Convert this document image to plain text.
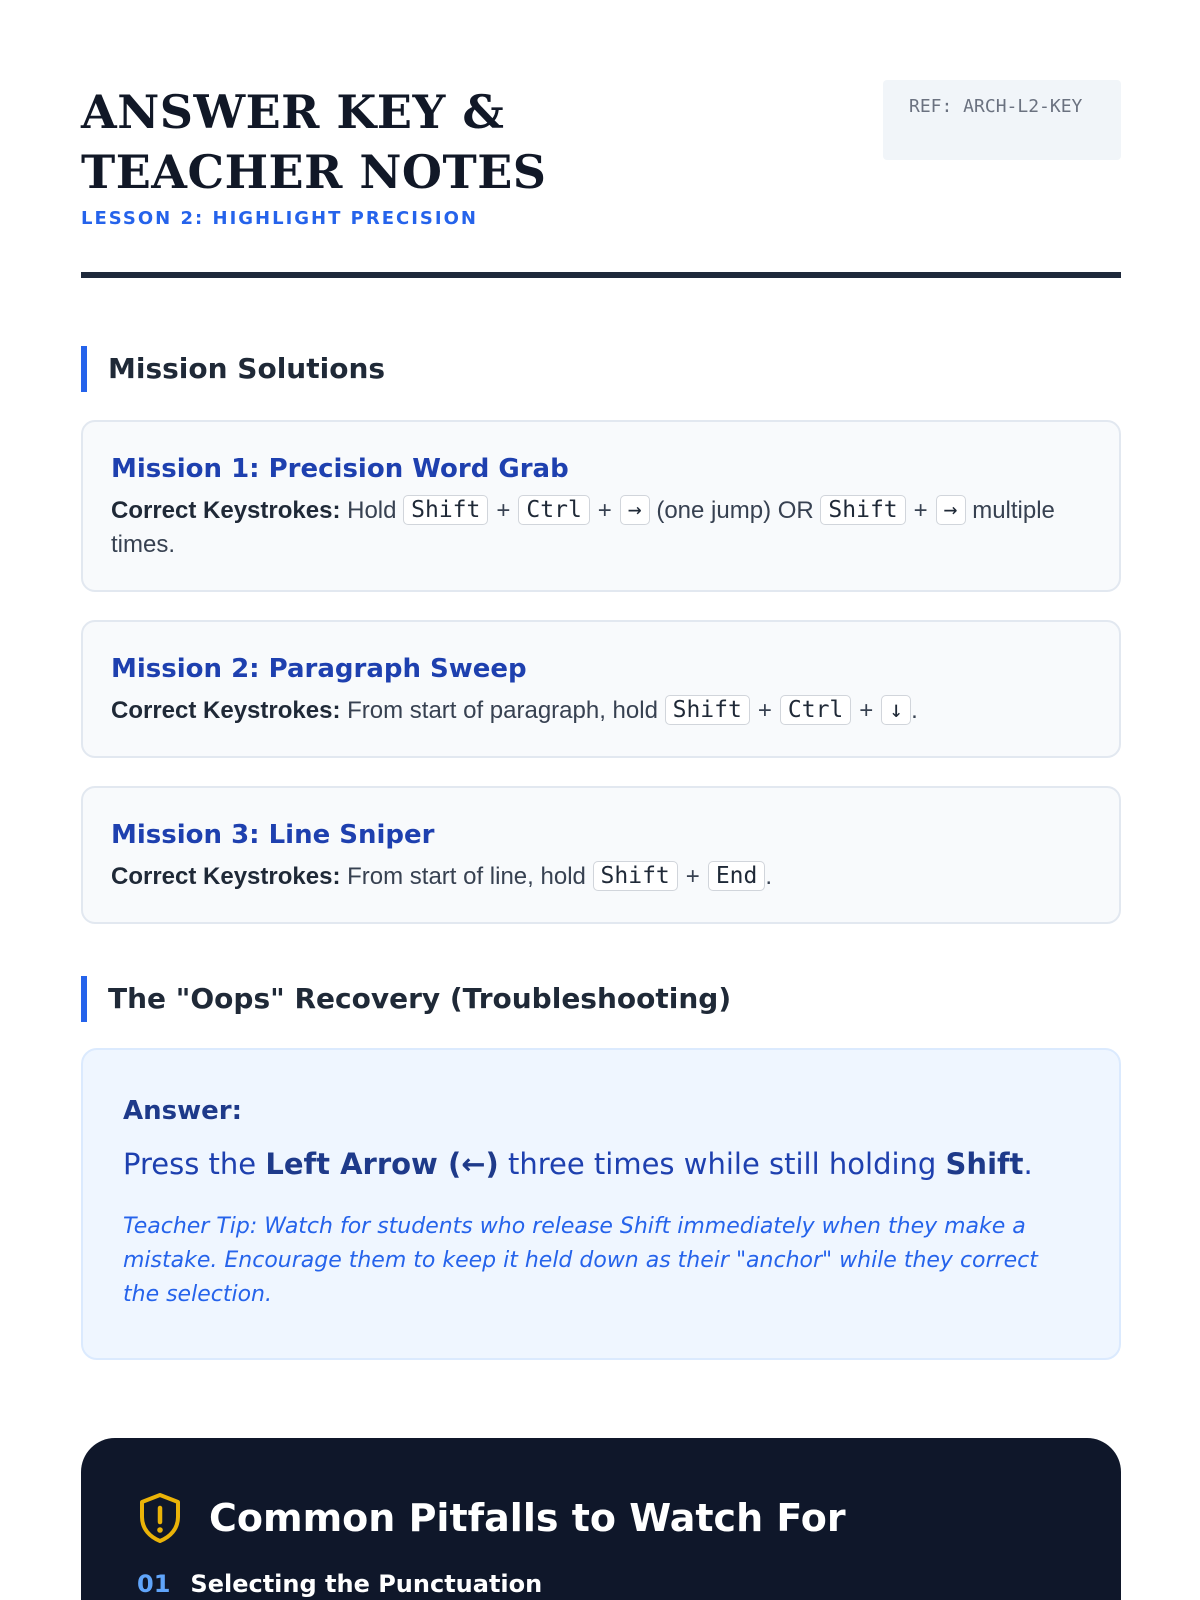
ANSWER KEY & TEACHER NOTES
LESSON 2: HIGHLIGHT PRECISION
REF: ARCH-L2-KEY
Mission Solutions
Mission 1: Precision Word Grab
Correct Keystrokes: Hold Shift + Ctrl + → (one jump) OR Shift + → multiple times.
Mission 2: Paragraph Sweep
Correct Keystrokes: From start of paragraph, hold Shift + Ctrl + ↓ .
Mission 3: Line Sniper
Correct Keystrokes: From start of line, hold Shift + End .
The "Oops" Recovery (Troubleshooting)
Answer:
Press the Left Arrow (←) three times while still holding Shift.
Teacher Tip: Watch for students who release Shift immediately when they make a mistake. Encourage them to keep it held down as their "anchor" while they correct the selection.
Common Pitfalls to Watch For
01 Selecting the Punctuation
